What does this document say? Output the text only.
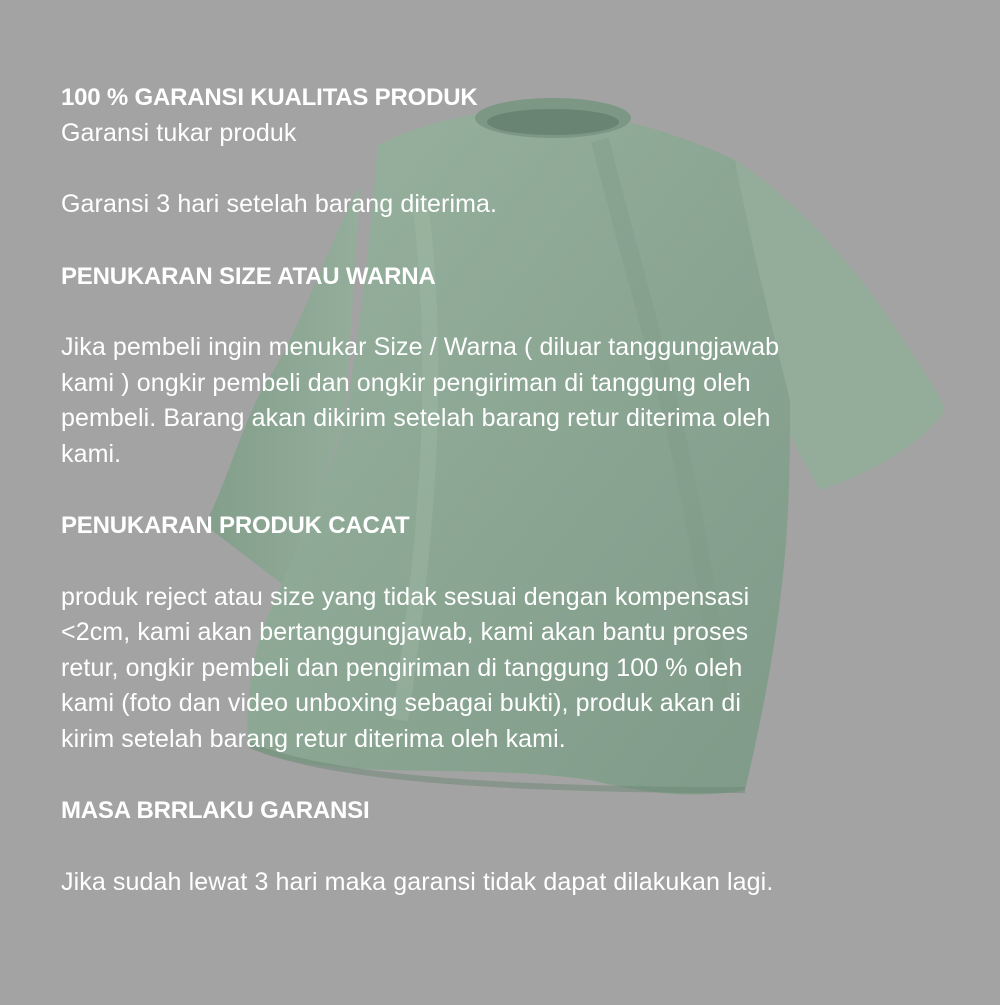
100 % GARANSI KUALITAS PRODUK

Garansi tukar produk

Garansi 3 hari setelah barang diterima.

PENUKARAN SIZE ATAU WARNA

Jika pembeli ingin menukar Size / Warna ( diluar tanggungjawab

kami ) ongkir pembeli dan ongkir pengiriman di tanggung oleh

pembeli. Barang akan dikirim setelah barang retur diterima oleh

kami.

PENUKARAN PRODUK CACAT

produk reject atau size yang tidak sesuai dengan kompensasi

<2cm, kami akan bertanggungjawab, kami akan bantu proses

retur, ongkir pembeli dan pengiriman di tanggung 100 % oleh

kami (foto dan video unboxing sebagai bukti), produk akan di

kirim setelah barang retur diterima oleh kami.

MASA BRRLAKU GARANSI

Jika sudah lewat 3 hari maka garansi tidak dapat dilakukan lagi.
